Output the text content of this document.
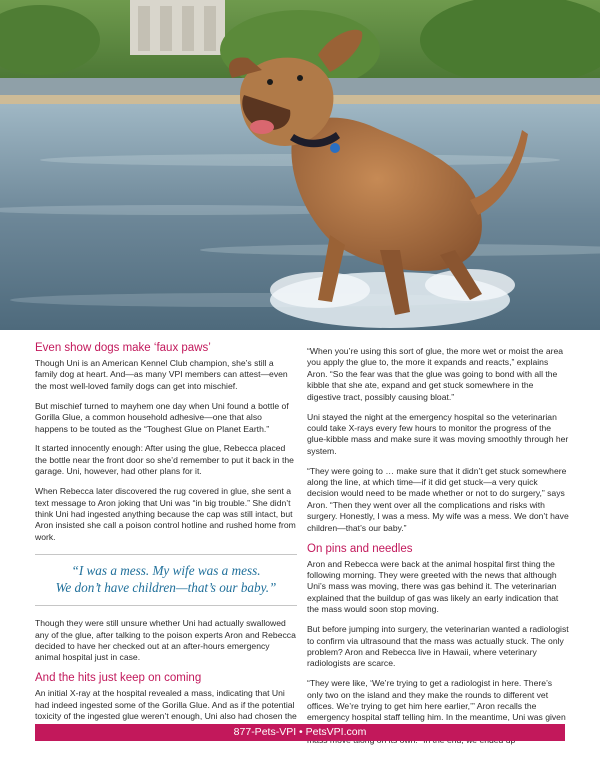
Even show dogs make ‘faux paws’

Though Uni is an American Kennel Club champion, she’s still a family dog at heart. And—as many VPI members can attest—even the most well-loved family dogs can get into mischief.

But mischief turned to mayhem one day when Uni found a bottle of Gorilla Glue, a common household adhesive—one that also happens to be touted as the “Toughest Glue on Planet Earth.”

It started innocently enough: After using the glue, Rebecca placed the bottle near the front door so she’d remember to put it back in the garage. Uni, however, had other plans for it.

When Rebecca later discovered the rug covered in glue, she sent a text message to Aron joking that Uni was “in big trouble.” She didn’t think Uni had ingested anything because the cap was still intact, but Aron insisted she call a poison control hotline and rushed home from work.

“I was a mess. My wife was a mess.
We don’t have children—that’s our baby.”

Though they were still unsure whether Uni had actually swallowed any of the glue, after talking to the poison experts Aron and Rebecca decided to have her checked out at an after-hours emergency animal hospital just in case.

And the hits just keep on coming

An initial X-ray at the hospital revealed a mass, indicating that Uni had indeed ingested some of the Gorilla Glue. And as if the potential toxicity of the ingested glue weren’t enough, Uni also had chosen the

“When you’re using this sort of glue, the more wet or moist the area you apply the glue to, the more it expands and reacts,” explains Aron. “So the fear was that the glue was going to bond with all the kibble that she ate, expand and get stuck somewhere in the digestive tract, possibly causing bloat.”

Uni stayed the night at the emergency hospital so the veterinarian could take X-rays every few hours to monitor the progress of the glue-kibble mass and make sure it was moving smoothly through her system.

“They were going to … make sure that it didn’t get stuck somewhere along the line, at which time—if it did get stuck—a very quick decision would need to be made whether or not to do surgery,” says Aron. “Then they went over all the complications and risks with surgery. Honestly, I was a mess. My wife was a mess. We don’t have children—that’s our baby.”

On pins and needles

Aron and Rebecca were back at the animal hospital first thing the following morning. They were greeted with the news that although Uni’s mass was moving, there was gas behind it. The veterinarian explained that the buildup of gas was likely an early indication that the mass would soon stop moving.

But before jumping into surgery, the veterinarian wanted a radiologist to confirm via ultrasound that the mass was actually stuck. The only problem? Aron and Rebecca live in Hawaii, where veterinary radiologists are scarce.

“They were like, ‘We’re trying to get a radiologist in here. There’s only two on the island and they make the rounds to different vet offices. We’re trying to get him here earlier,’” Aron recalls the emergency hospital staff telling him. In the meantime, Uni was given

877-Pets-VPI • PetsVPI.com
